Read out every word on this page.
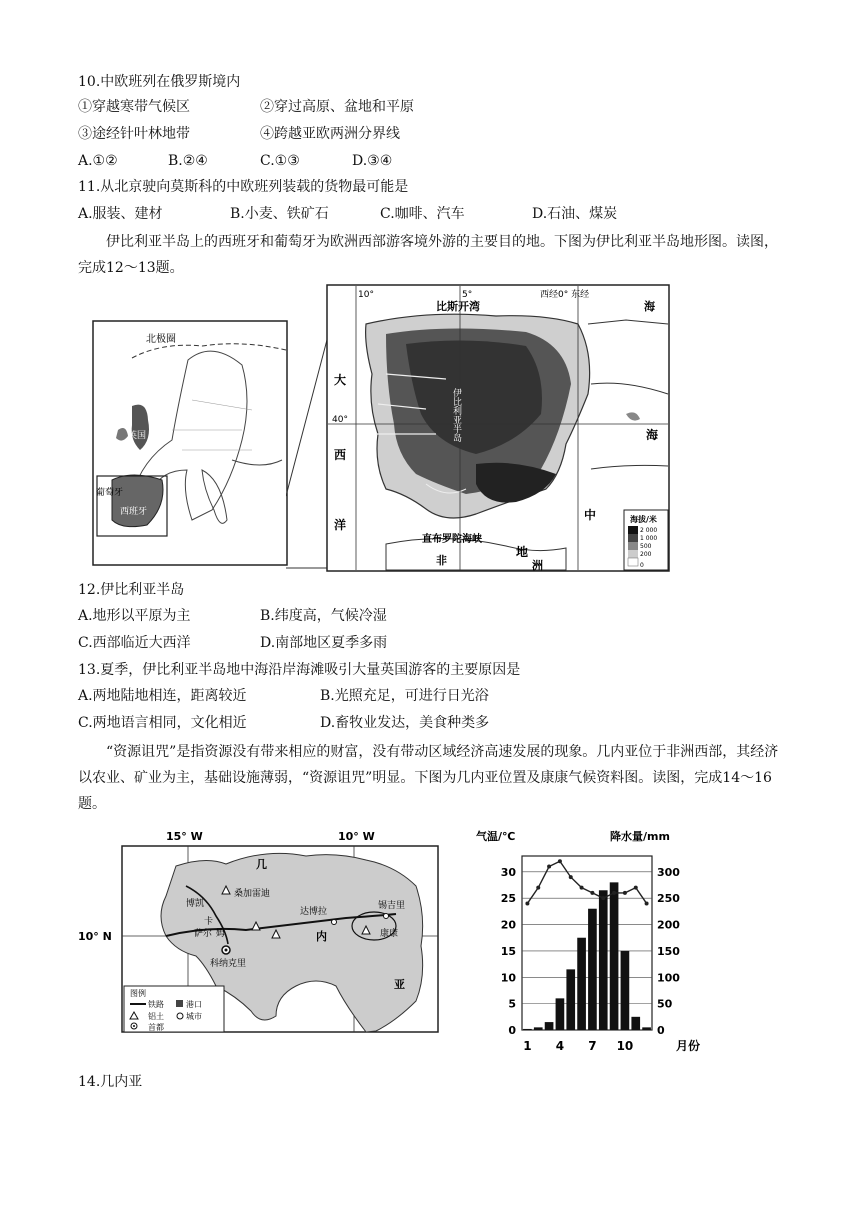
10.中欧班列在俄罗斯境内
①穿越寒带气候区	②穿过高原、盆地和平原
③途经针叶林地带	④跨越亚欧两洲分界线
A.①②	B.②④	C.①③	D.③④
11.从北京驶向莫斯科的中欧班列装载的货物最可能是
A.服装、建材	B.小麦、铁矿石	C.咖啡、汽车	D.石油、煤炭
伊比利亚半岛上的西班牙和葡萄牙为欧洲西部游客境外游的主要目的地。下图为伊比利亚半岛地形图。读图，完成12～13题。
北极圈
英国
葡萄牙
西班牙
10°	5°	西经0° 东经
40°
比斯开湾	海
大
西
洋
地
中
海
伊比利亚半岛
直布罗陀海峡
非	洲
海拔/米
2 000
1 000
500
200
0
12.伊比利亚半岛
A.地形以平原为主	B.纬度高，气候冷湿
C.西部临近大西洋	D.南部地区夏季多雨
13.夏季，伊比利亚半岛地中海沿岸海滩吸引大量英国游客的主要原因是
A.两地陆地相连，距离较近	B.光照充足，可进行日光浴
C.两地语言相同，文化相近	D.畜牧业发达，美食种类多
“资源诅咒”是指资源没有带来相应的财富，没有带动区域经济高速发展的现象。几内亚位于非洲西部，其经济以农业、矿业为主，基础设施薄弱，“资源诅咒”明显。下图为几内亚位置及康康气候资料图。读图，完成14～16题。
15° W	10° W
10° N
几
内
亚
博凯
桑加雷迪
达博拉
锡吉里
卡
姆
萨尔
科纳克里
康康
图例
铁路	港口
铝土	城市
首都
气温/℃	降水量/mm
0
5
10
15
20
25
30
0
50
100
150
200
250
300
1 4 7 10	月份
14.几内亚
